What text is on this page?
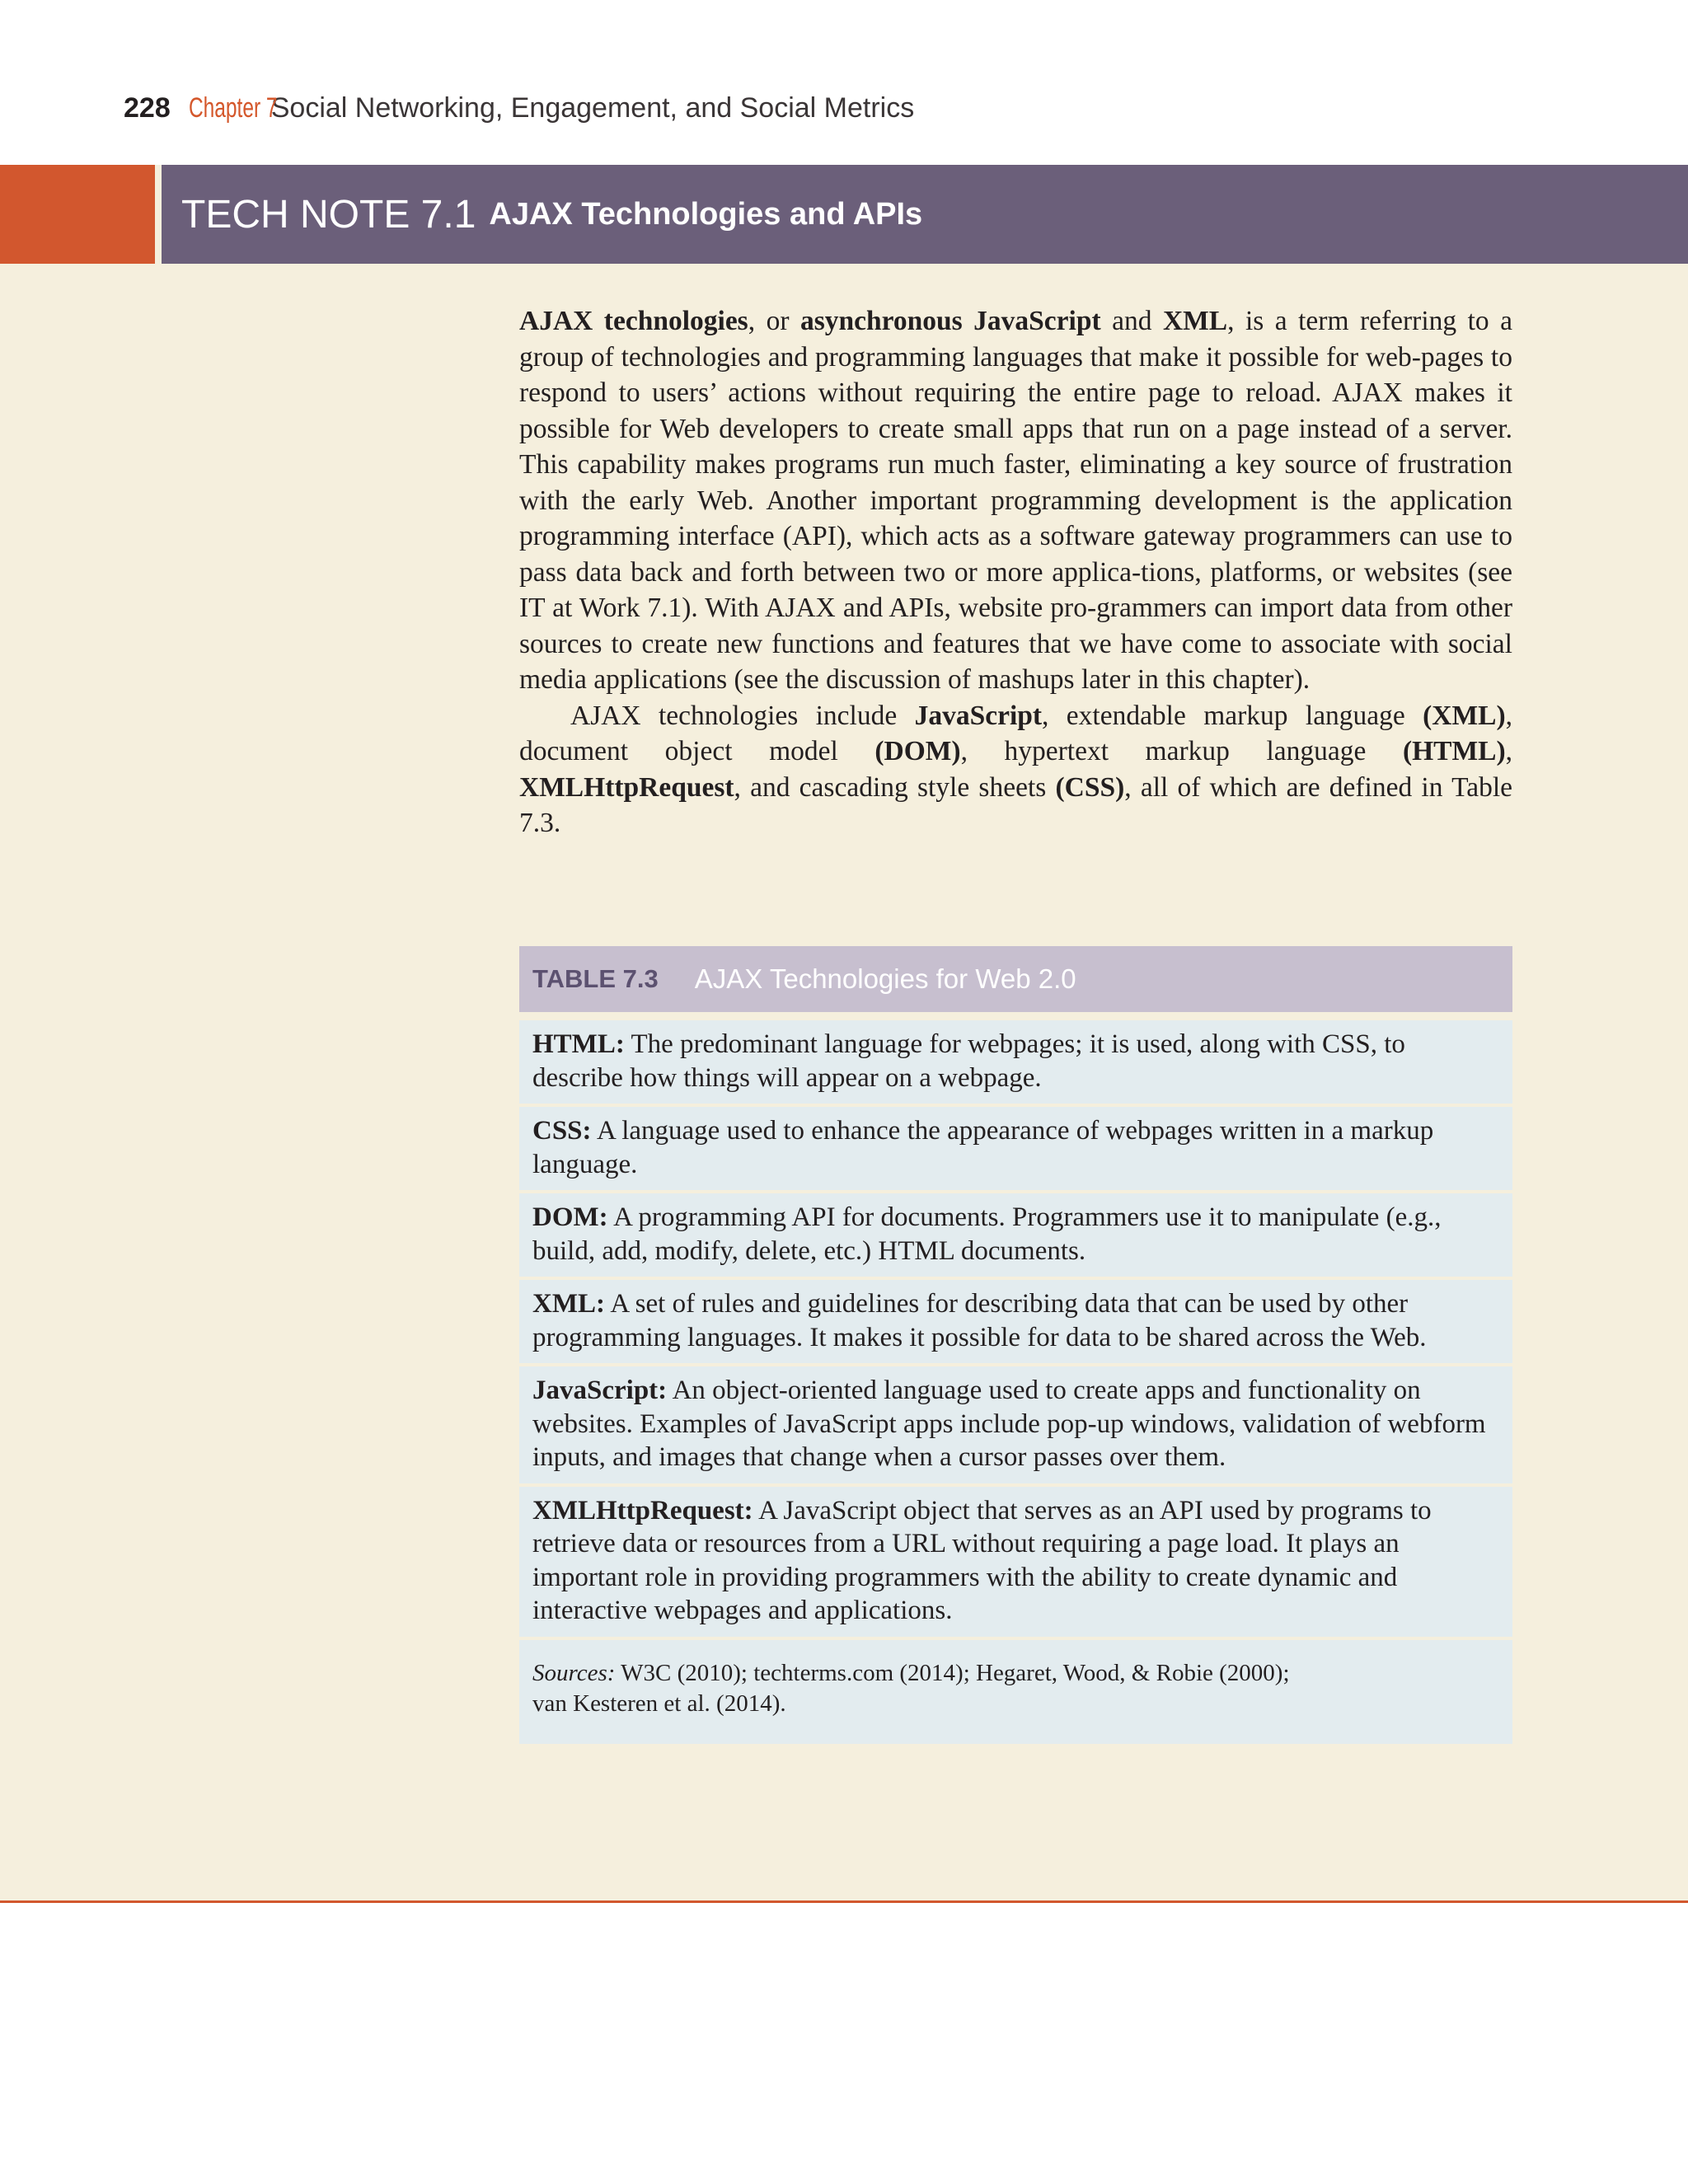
228 Chapter 7
Social Networking, Engagement, and Social Metrics
TECH NOTE 7.1 AJAX Technologies and APIs

AJAX technologies, or asynchronous JavaScript and XML, is a term referring to a group of technologies and programming languages that make it possible for web-pages to respond to users’ actions without requiring the entire page to reload. AJAX makes it possible for Web developers to create small apps that run on a page instead of a server. This capability makes programs run much faster, eliminating a key source of frustration with the early Web. Another important programming development is the application programming interface (API), which acts as a software gateway programmers can use to pass data back and forth between two or more applica-tions, platforms, or websites (see IT at Work 7.1). With AJAX and APIs, website pro-grammers can import data from other sources to create new functions and features that we have come to associate with social media applications (see the discussion of mashups later in this chapter).

AJAX technologies include JavaScript, extendable markup language (XML), document object model (DOM), hypertext markup language (HTML), XMLHttpRequest, and cascading style sheets (CSS), all of which are defined in Table 7.3.

TABLE 7.3 AJAX Technologies for Web 2.0
HTML: The predominant language for webpages; it is used, along with CSS, to describe how things will appear on a webpage.
CSS: A language used to enhance the appearance of webpages written in a markup language.
DOM: A programming API for documents. Programmers use it to manipulate (e.g., build, add, modify, delete, etc.) HTML documents.
XML: A set of rules and guidelines for describing data that can be used by other programming languages. It makes it possible for data to be shared across the Web.
JavaScript: An object-oriented language used to create apps and functionality on websites. Examples of JavaScript apps include pop-up windows, validation of webform inputs, and images that change when a cursor passes over them.
XMLHttpRequest: A JavaScript object that serves as an API used by programs to retrieve data or resources from a URL without requiring a page load. It plays an important role in providing programmers with the ability to create dynamic and interactive webpages and applications.
Sources: W3C (2010); techterms.com (2014); Hegaret, Wood, & Robie (2000);
van Kesteren et al. (2014).
